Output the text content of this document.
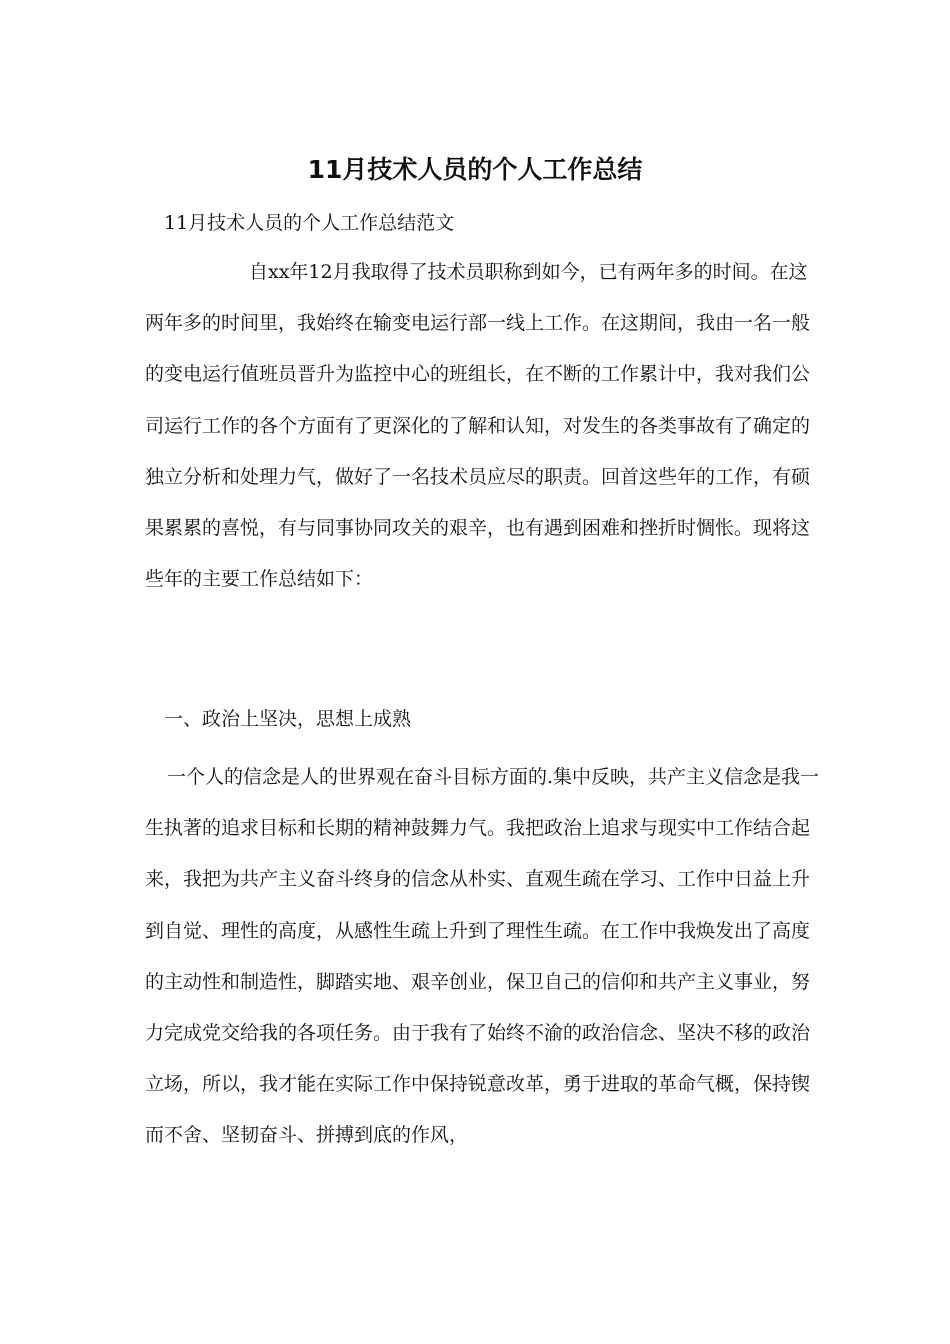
11月技术人员的个人工作总结

11月技术人员的个人工作总结范文

自xx年12月我取得了技术员职称到如今，已有两年多的时间。在这两年多的时间里，我始终在输变电运行部一线上工作。在这期间，我由一名一般的变电运行值班员晋升为监控中心的班组长，在不断的工作累计中，我对我们公司运行工作的各个方面有了更深化的了解和认知，对发生的各类事故有了确定的独立分析和处理力气，做好了一名技术员应尽的职责。回首这些年的工作，有硕果累累的喜悦，有与同事协同攻关的艰辛，也有遇到困难和挫折时惆怅。现将这些年的主要工作总结如下：

一、政治上坚决，思想上成熟

一个人的信念是人的世界观在奋斗目标方面的.集中反映，共产主义信念是我一生执著的追求目标和长期的精神鼓舞力气。我把政治上追求与现实中工作结合起来，我把为共产主义奋斗终身的信念从朴实、直观生疏在学习、工作中日益上升到自觉、理性的高度，从感性生疏上升到了理性生疏。在工作中我焕发出了高度的主动性和制造性，脚踏实地、艰辛创业，保卫自己的信仰和共产主义事业，努力完成党交给我的各项任务。由于我有了始终不渝的政治信念、坚决不移的政治立场，所以，我才能在实际工作中保持锐意改革，勇于进取的革命气概，保持锲而不舍、坚韧奋斗、拼搏到底的作风，
